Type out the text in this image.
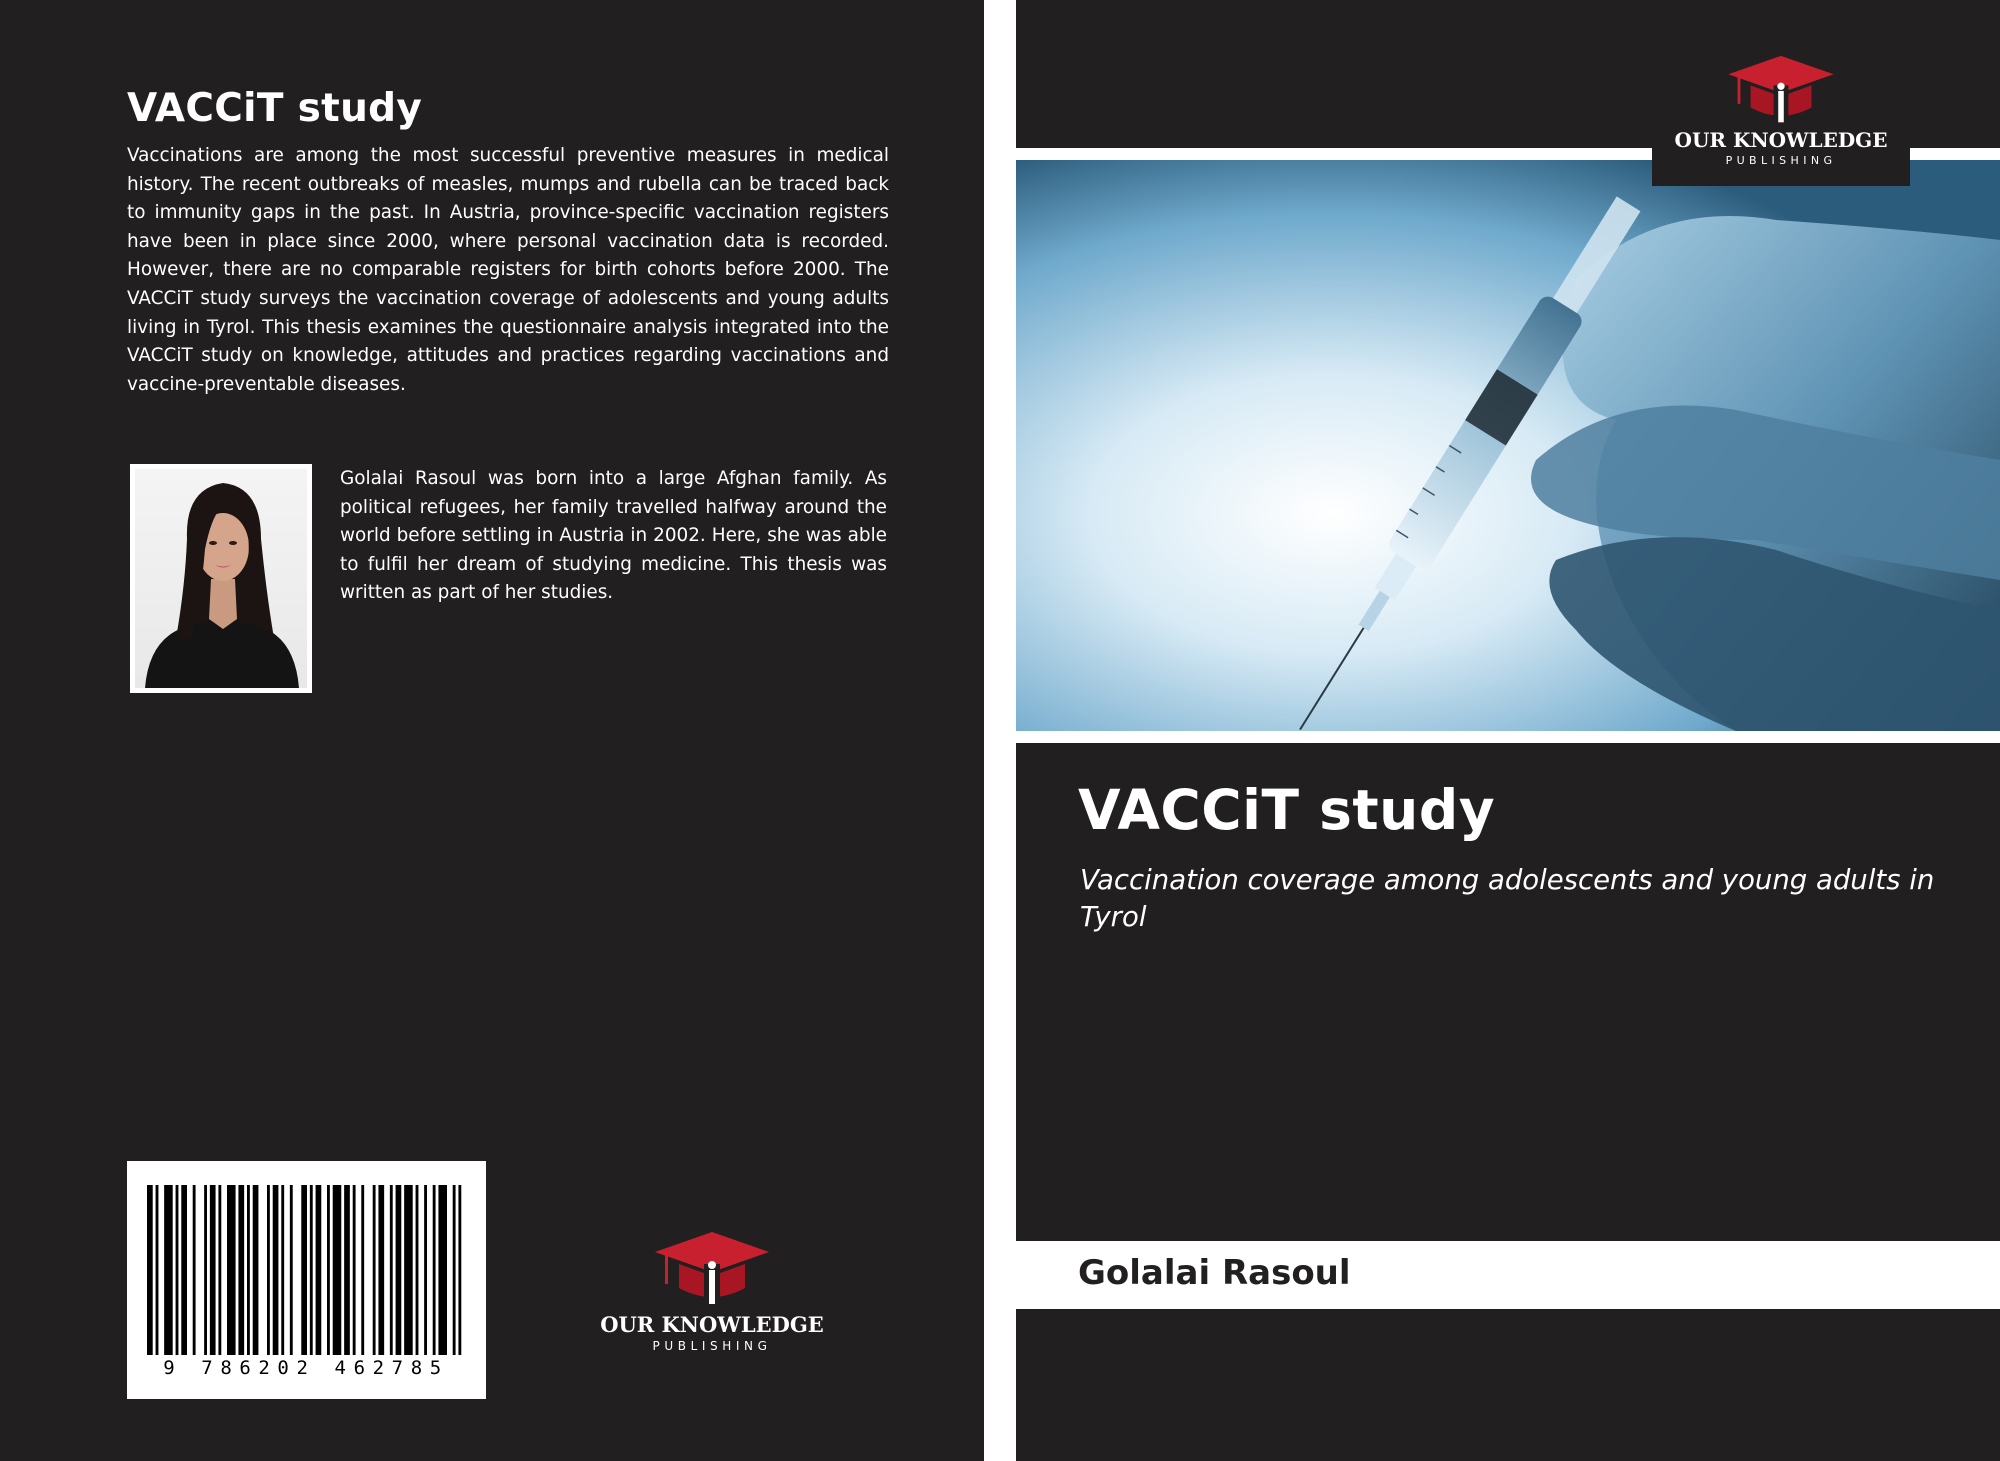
VACCiT study

Vaccinations are among the most successful preventive measures in medical history. The recent outbreaks of measles, mumps and rubella can be traced back to immunity gaps in the past. In Austria, province-specific vaccination registers have been in place since 2000, where personal vaccination data is recorded. However, there are no comparable registers for birth cohorts before 2000. The VACCiT study surveys the vaccination coverage of adolescents and young adults living in Tyrol. This thesis examines the questionnaire analysis integrated into the VACCiT study on knowledge, attitudes and practices regarding vaccinations and vaccine-preventable diseases.

Golalai Rasoul was born into a large Afghan family. As political refugees, her family travelled halfway around the world before settling in Austria in 2002. Here, she was able to fulfil her dream of studying medicine. This thesis was written as part of her studies.

9 786202 462785
OUR KNOWLEDGE
PUBLISHING
OUR KNOWLEDGE
PUBLISHING
VACCiT study

Vaccination coverage among adolescents and young adults in Tyrol

Golalai Rasoul
